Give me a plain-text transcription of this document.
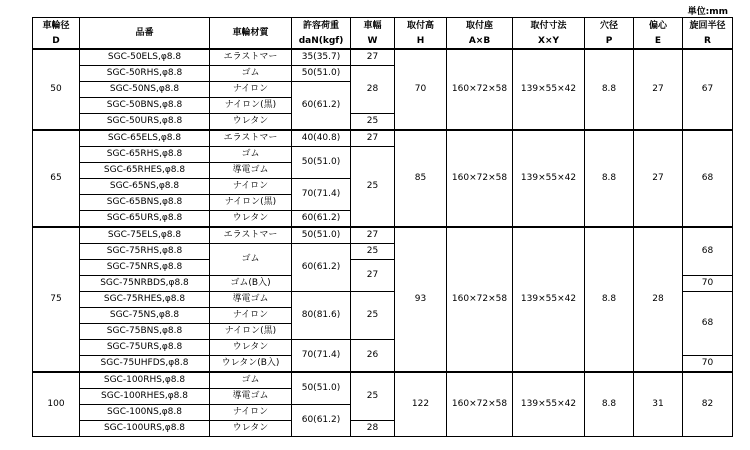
単位:mm
車輪径	品番	車輪材質	許容荷重	車幅	取付高	取付座	取付寸法	穴径	偏心	旋回半径
D			daN(kgf)	W	H	A×B	X×Y	P	E	R
50	SGC-50ELS,φ8.8	エラストマー	35(35.7)	27	70	160×72×58	139×55×42	8.8	27	67
	SGC-50RHS,φ8.8	ゴム	50(51.0)	28						
	SGC-50NS,φ8.8	ナイロン	60(61.2)							
	SGC-50BNS,φ8.8	ナイロン(黒)								
	SGC-50URS,φ8.8	ウレタン		25						
65	SGC-65ELS,φ8.8	エラストマー	40(40.8)	27	85	160×72×58	139×55×42	8.8	27	68
	SGC-65RHS,φ8.8	ゴム	50(51.0)	25						
	SGC-65RHES,φ8.8	導電ゴム								
	SGC-65NS,φ8.8	ナイロン	70(71.4)							
	SGC-65BNS,φ8.8	ナイロン(黒)								
	SGC-65URS,φ8.8	ウレタン	60(61.2)							
75	SGC-75ELS,φ8.8	エラストマー	50(51.0)	27	93	160×72×58	139×55×42	8.8	28	68
	SGC-75RHS,φ8.8	ゴム	60(61.2)	25						
	SGC-75NRS,φ8.8			27						
	SGC-75NRBDS,φ8.8	ゴム(B入)								70
	SGC-75RHES,φ8.8	導電ゴム	80(81.6)	25						68
	SGC-75NS,φ8.8	ナイロン								
	SGC-75BNS,φ8.8	ナイロン(黒)								
	SGC-75URS,φ8.8	ウレタン	70(71.4)	26						
	SGC-75UHFDS,φ8.8	ウレタン(B入)								70
100	SGC-100RHS,φ8.8	ゴム	50(51.0)	25	122	160×72×58	139×55×42	8.8	31	82
	SGC-100RHES,φ8.8	導電ゴム								
	SGC-100NS,φ8.8	ナイロン	60(61.2)							
	SGC-100URS,φ8.8	ウレタン		28						
